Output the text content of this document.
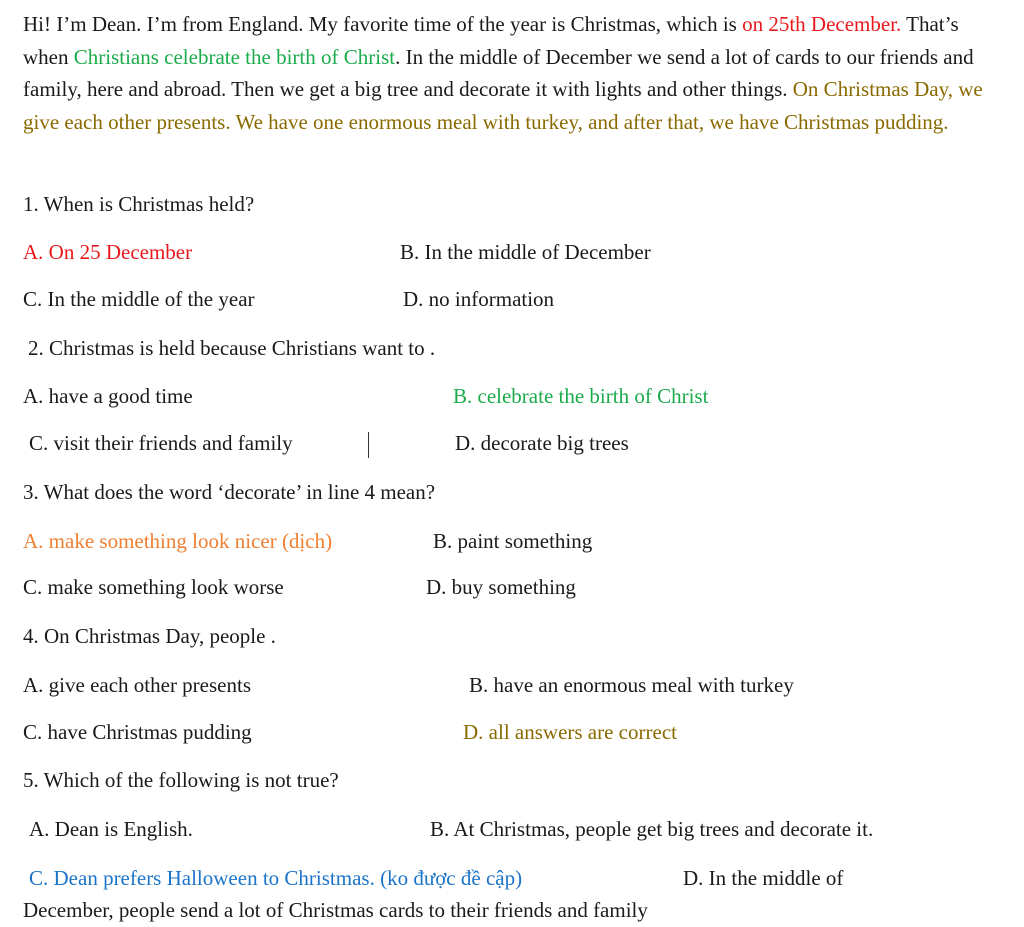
Hi! I’m Dean. I’m from England. My favorite time of the year is Christmas, which is on 25th December. That’s when Christians celebrate the birth of Christ. In the middle of December we send a lot of cards to our friends and family, here and abroad. Then we get a big tree and decorate it with lights and other things. On Christmas Day, we give each other presents. We have one enormous meal with turkey, and after that, we have Christmas pudding.

1. When is Christmas held?
A. On 25 December	B. In the middle of December
C. In the middle of the year	D. no information
2. Christmas is held because Christians want to .
A. have a good time	B. celebrate the birth of Christ
C. visit their friends and family	D. decorate big trees
3. What does the word ‘decorate’ in line 4 mean?
A. make something look nicer (dịch)	B. paint something
C. make something look worse	D. buy something
4. On Christmas Day, people .
A. give each other presents	B. have an enormous meal with turkey
C. have Christmas pudding	D. all answers are correct
5. Which of the following is not true?
A. Dean is English.	B. At Christmas, people get big trees and decorate it.
C. Dean prefers Halloween to Christmas. (ko được đề cập)	D. In the middle of
December, people send a lot of Christmas cards to their friends and family
